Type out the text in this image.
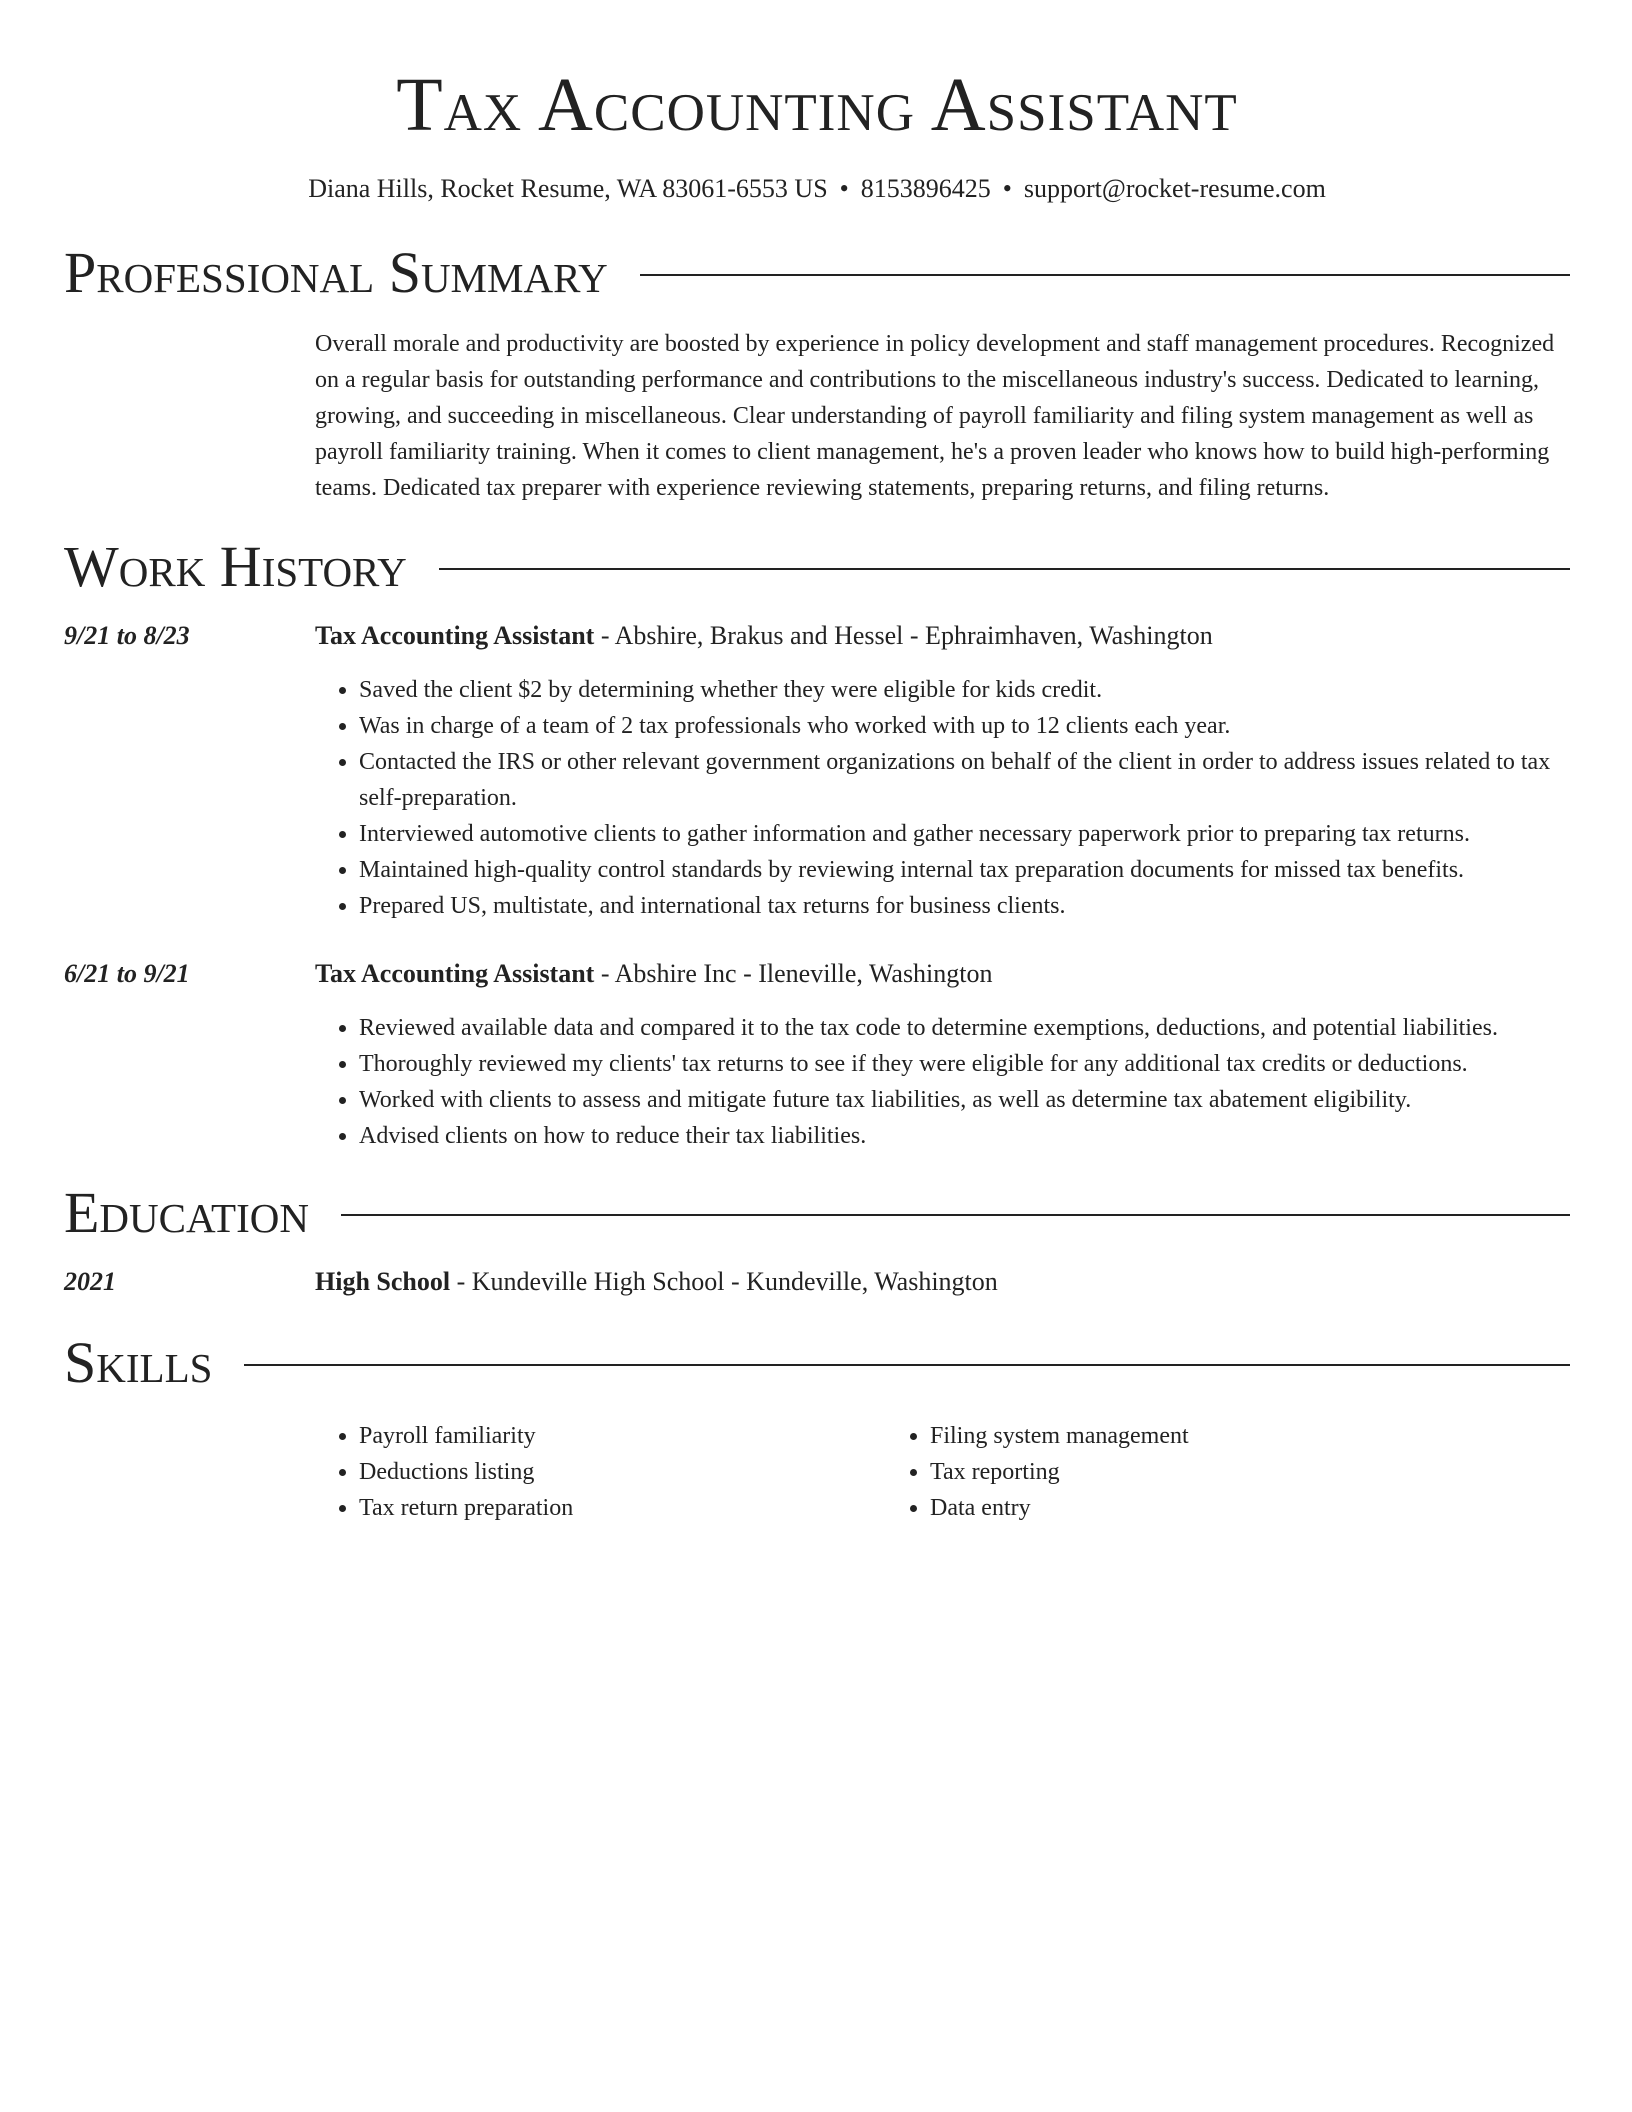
Tax Accounting Assistant
Diana Hills, Rocket Resume, WA 83061-6553 US • 8153896425 • support@rocket-resume.com
Professional Summary
Overall morale and productivity are boosted by experience in policy development and staff management procedures. Recognized on a regular basis for outstanding performance and contributions to the miscellaneous industry's success. Dedicated to learning, growing, and succeeding in miscellaneous. Clear understanding of payroll familiarity and filing system management as well as payroll familiarity training. When it comes to client management, he's a proven leader who knows how to build high-performing teams. Dedicated tax preparer with experience reviewing statements, preparing returns, and filing returns.
Work History
9/21 to 8/23	Tax Accounting Assistant - Abshire, Brakus and Hessel - Ephraimhaven, Washington
• Saved the client $2 by determining whether they were eligible for kids credit.
• Was in charge of a team of 2 tax professionals who worked with up to 12 clients each year.
• Contacted the IRS or other relevant government organizations on behalf of the client in order to address issues related to tax self-preparation.
• Interviewed automotive clients to gather information and gather necessary paperwork prior to preparing tax returns.
• Maintained high-quality control standards by reviewing internal tax preparation documents for missed tax benefits.
• Prepared US, multistate, and international tax returns for business clients.
6/21 to 9/21	Tax Accounting Assistant - Abshire Inc - Ileneville, Washington
• Reviewed available data and compared it to the tax code to determine exemptions, deductions, and potential liabilities.
• Thoroughly reviewed my clients' tax returns to see if they were eligible for any additional tax credits or deductions.
• Worked with clients to assess and mitigate future tax liabilities, as well as determine tax abatement eligibility.
• Advised clients on how to reduce their tax liabilities.
Education
2021	High School - Kundeville High School - Kundeville, Washington
Skills
• Payroll familiarity
• Deductions listing
• Tax return preparation
• Filing system management
• Tax reporting
• Data entry
